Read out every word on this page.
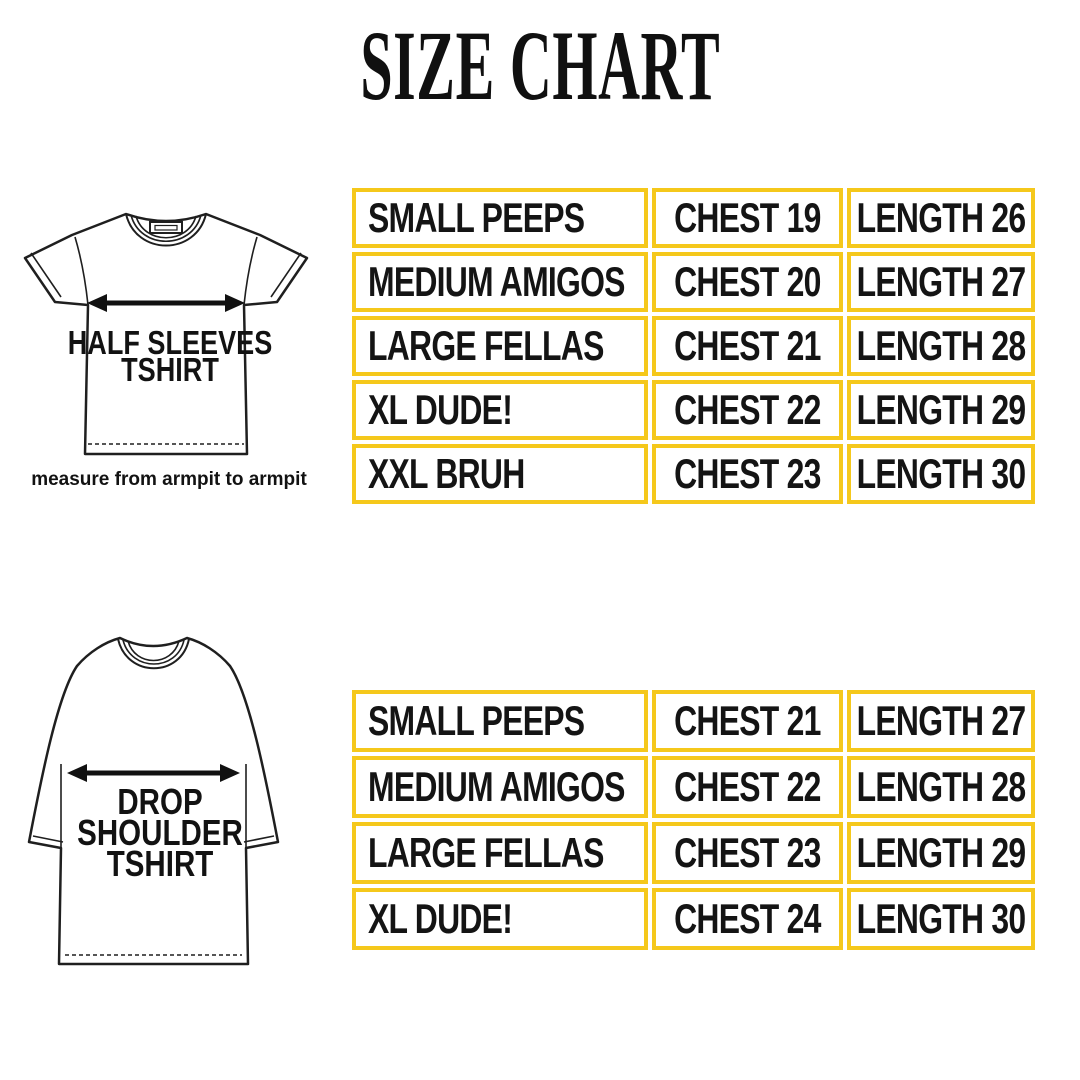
SIZE CHART
HALF SLEEVES
TSHIRT
measure from armpit to armpit
SMALL PEEPS CHEST 19 LENGTH 26
MEDIUM AMIGOS CHEST 20 LENGTH 27
LARGE FELLAS CHEST 21 LENGTH 28
XL DUDE!	CHEST 22 LENGTH 29
XXL BRUH	CHEST 23 LENGTH 30
DROP
SHOULDER
TSHIRT
SMALL PEEPS CHEST 21 LENGTH 27
MEDIUM AMIGOS CHEST 22 LENGTH 28
LARGE FELLAS CHEST 23 LENGTH 29
XL DUDE!	CHEST 24 LENGTH 30
